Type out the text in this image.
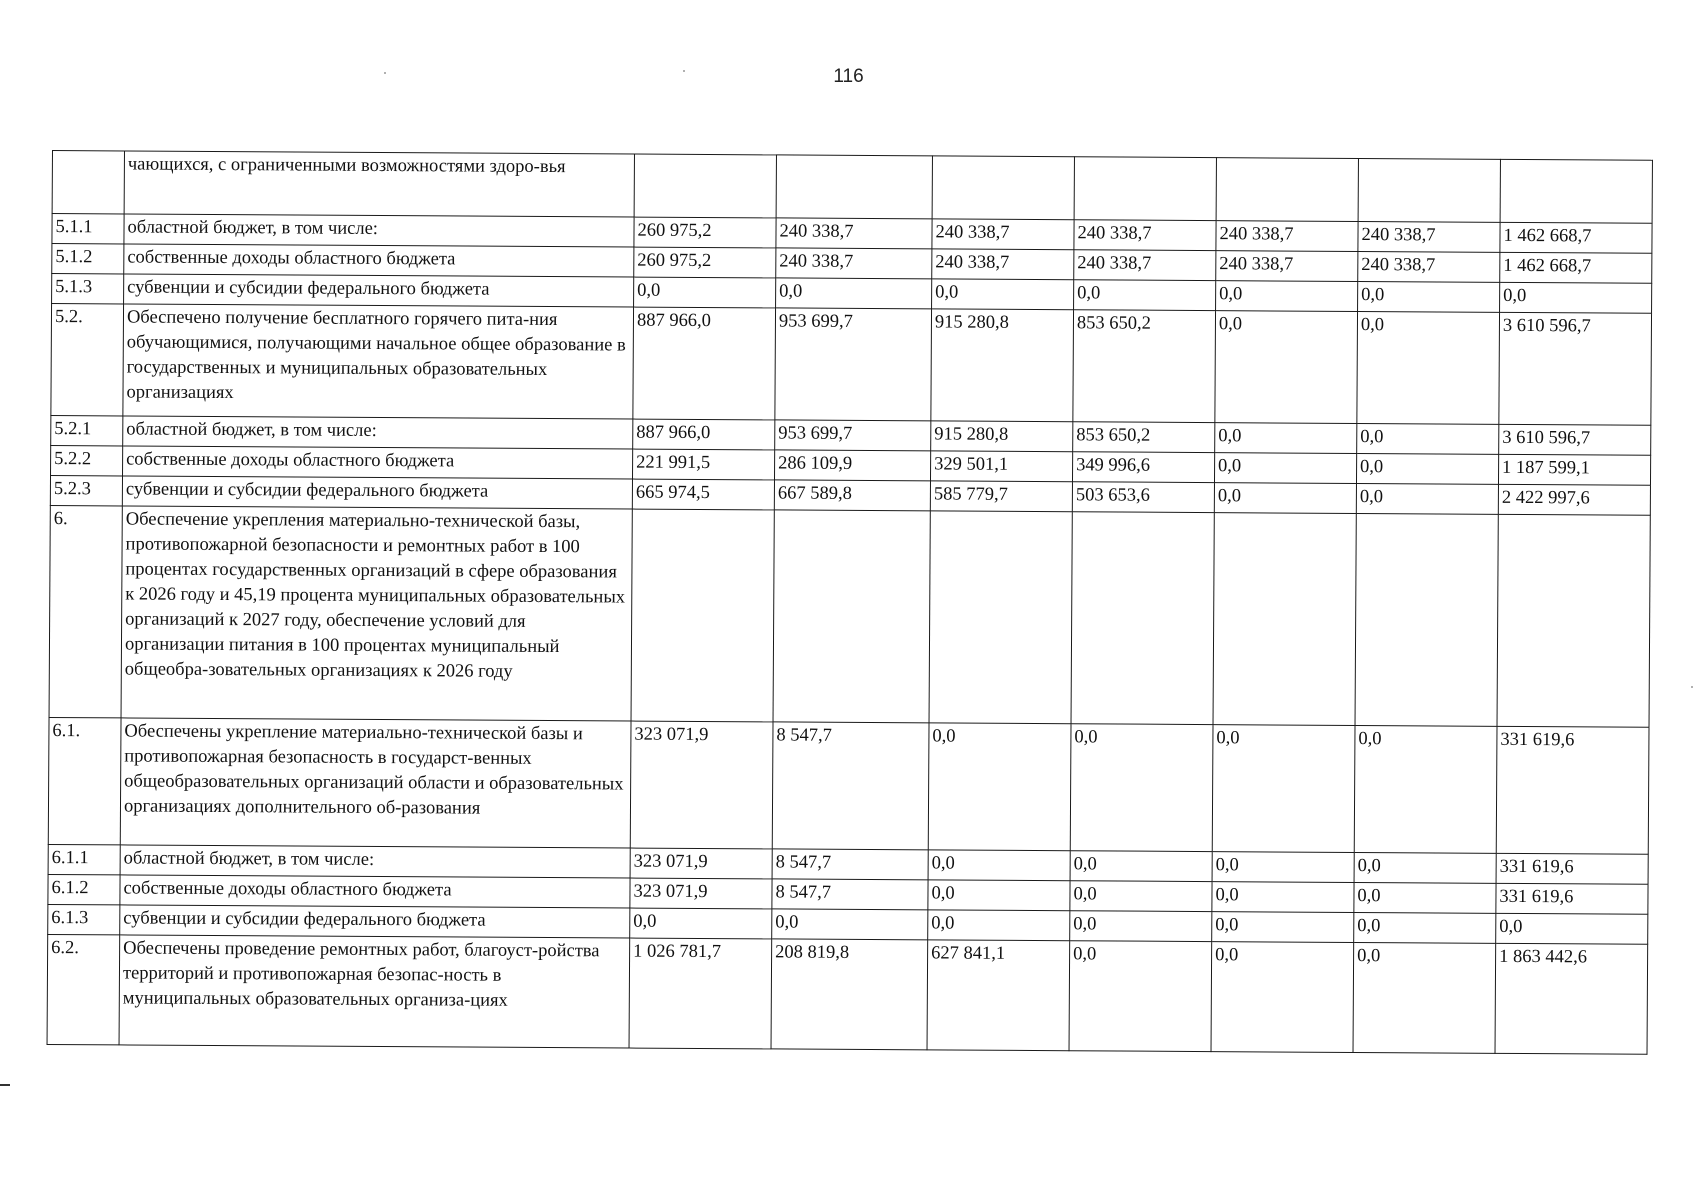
116
	чающихся, с ограниченными возможностями здоро-вья							
5.1.1	областной бюджет, в том числе:	260 975,2	240 338,7	240 338,7	240 338,7	240 338,7	240 338,7	1 462 668,7
5.1.2	собственные доходы областного бюджета	260 975,2	240 338,7	240 338,7	240 338,7	240 338,7	240 338,7	1 462 668,7
5.1.3	субвенции и субсидии федерального бюджета	0,0	0,0	0,0	0,0	0,0	0,0	0,0
5.2.	Обеспечено получение бесплатного горячего пита-ния обучающимися, получающими начальное общее образование в государственных и муниципальных образовательных организациях	887 966,0	953 699,7	915 280,8	853 650,2	0,0	0,0	3 610 596,7
5.2.1	областной бюджет, в том числе:	887 966,0	953 699,7	915 280,8	853 650,2	0,0	0,0	3 610 596,7
5.2.2	собственные доходы областного бюджета	221 991,5	286 109,9	329 501,1	349 996,6	0,0	0,0	1 187 599,1
5.2.3	субвенции и субсидии федерального бюджета	665 974,5	667 589,8	585 779,7	503 653,6	0,0	0,0	2 422 997,6
6.	Обеспечение укрепления материально-технической базы, противопожарной безопасности и ремонтных работ в 100 процентах государственных организаций в сфере образования к 2026 году и 45,19 процента муниципальных образовательных организаций к 2027 году, обеспечение условий для организации питания в 100 процентах муниципальный общеобра-зовательных организациях к 2026 году							
6.1.	Обеспечены укрепление материально-технической базы и противопожарная безопасность в государст-венных общеобразовательных организаций области и образовательных организациях дополнительного об-разования	323 071,9	8 547,7	0,0	0,0	0,0	0,0	331 619,6
6.1.1	областной бюджет, в том числе:	323 071,9	8 547,7	0,0	0,0	0,0	0,0	331 619,6
6.1.2	собственные доходы областного бюджета	323 071,9	8 547,7	0,0	0,0	0,0	0,0	331 619,6
6.1.3	субвенции и субсидии федерального бюджета	0,0	0,0	0,0	0,0	0,0	0,0	0,0
6.2.	Обеспечены проведение ремонтных работ, благоуст-ройства территорий и противопожарная безопас-ность в муниципальных образовательных организа-циях	1 026 781,7	208 819,8	627 841,1	0,0	0,0	0,0	1 863 442,6
